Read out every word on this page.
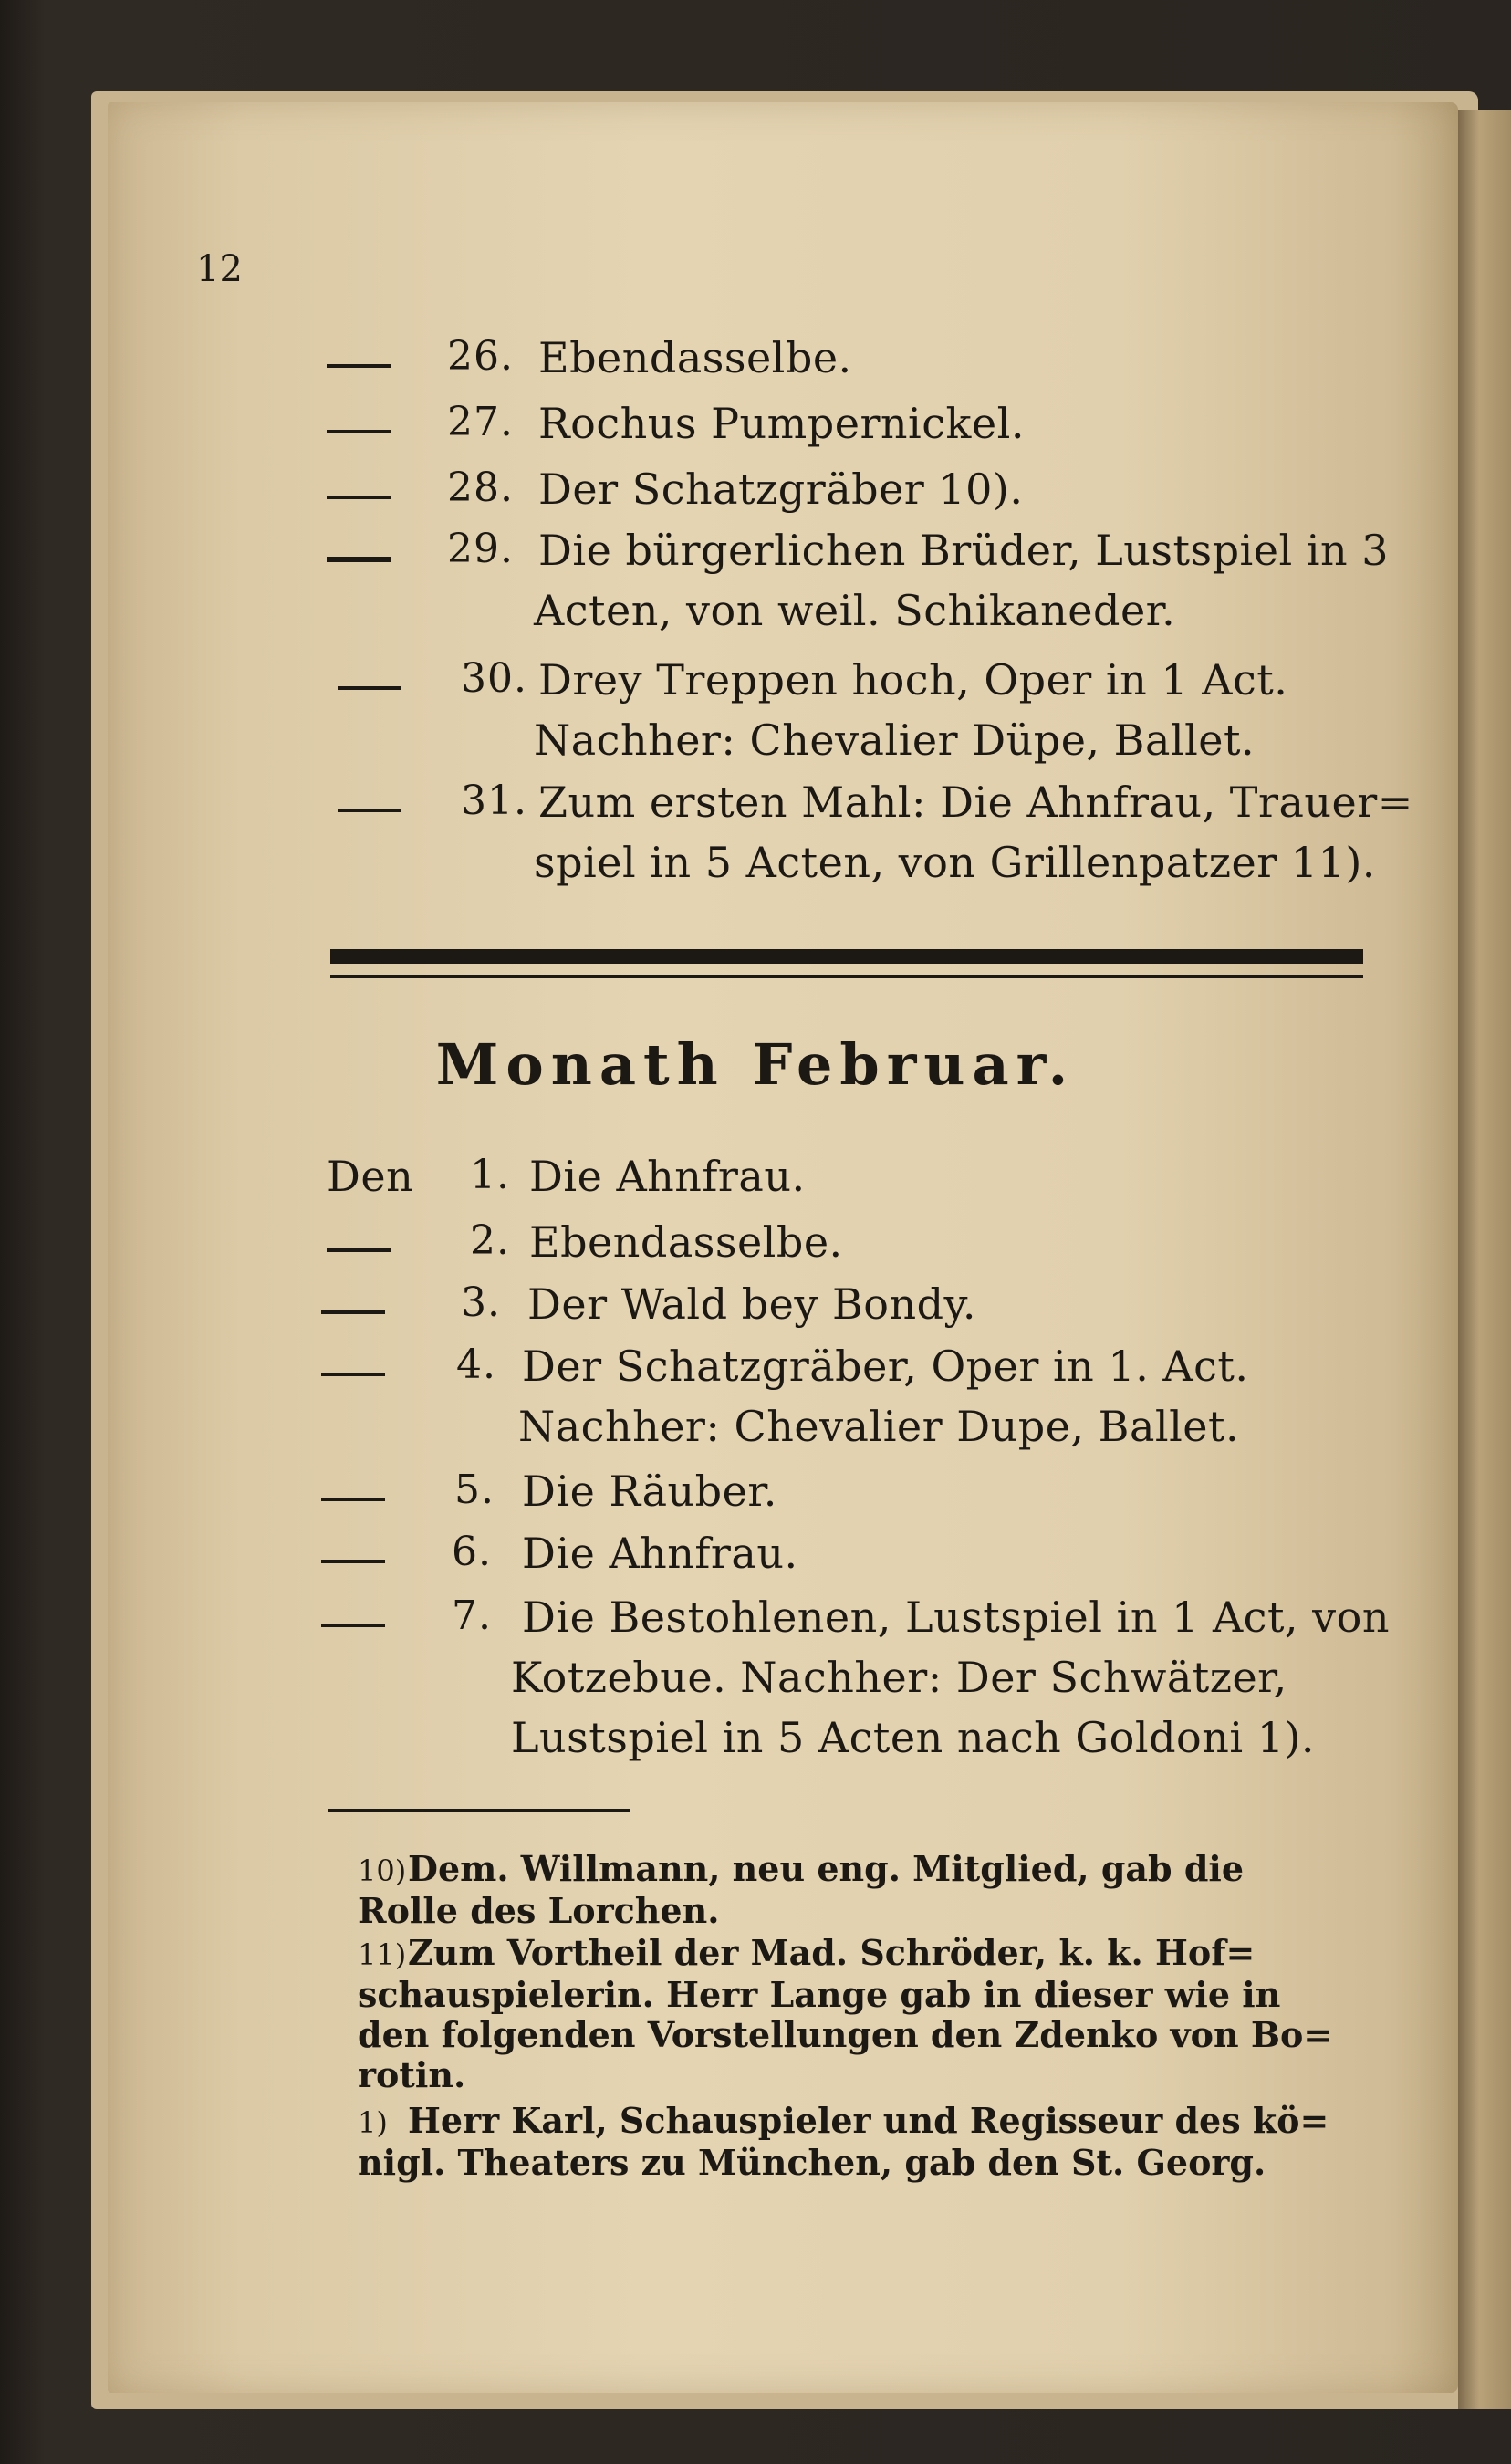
12
26. Ebendasselbe.
27. Rochus Pumpernickel.
28. Der Schatzgräber 10).
29. Die bürgerlichen Brüder, Lustspiel in 3
Acten, von weil. Schikaneder.
30. Drey Treppen hoch, Oper in 1 Act.
Nachher: Chevalier Düpe, Ballet.
31. Zum ersten Mahl: Die Ahnfrau, Trauer=
spiel in 5 Acten, von Grillenpatzer 11).
Monath Februar.
Den 1. Die Ahnfrau.
2. Ebendasselbe.
3. Der Wald bey Bondy.
4. Der Schatzgräber, Oper in 1. Act.
Nachher: Chevalier Dupe, Ballet.
5. Die Räuber.
6. Die Ahnfrau.
7. Die Bestohlenen, Lustspiel in 1 Act, von
Kotzebue. Nachher: Der Schwätzer,
Lustspiel in 5 Acten nach Goldoni 1).
10)Dem. Willmann, neu eng. Mitglied, gab die
Rolle des Lorchen.
11)Zum Vortheil der Mad. Schröder, k. k. Hof=
schauspielerin. Herr Lange gab in dieser wie in
den folgenden Vorstellungen den Zdenko von Bo=
rotin.
1) Herr Karl, Schauspieler und Regisseur des kö=
nigl. Theaters zu München, gab den St. Georg.
